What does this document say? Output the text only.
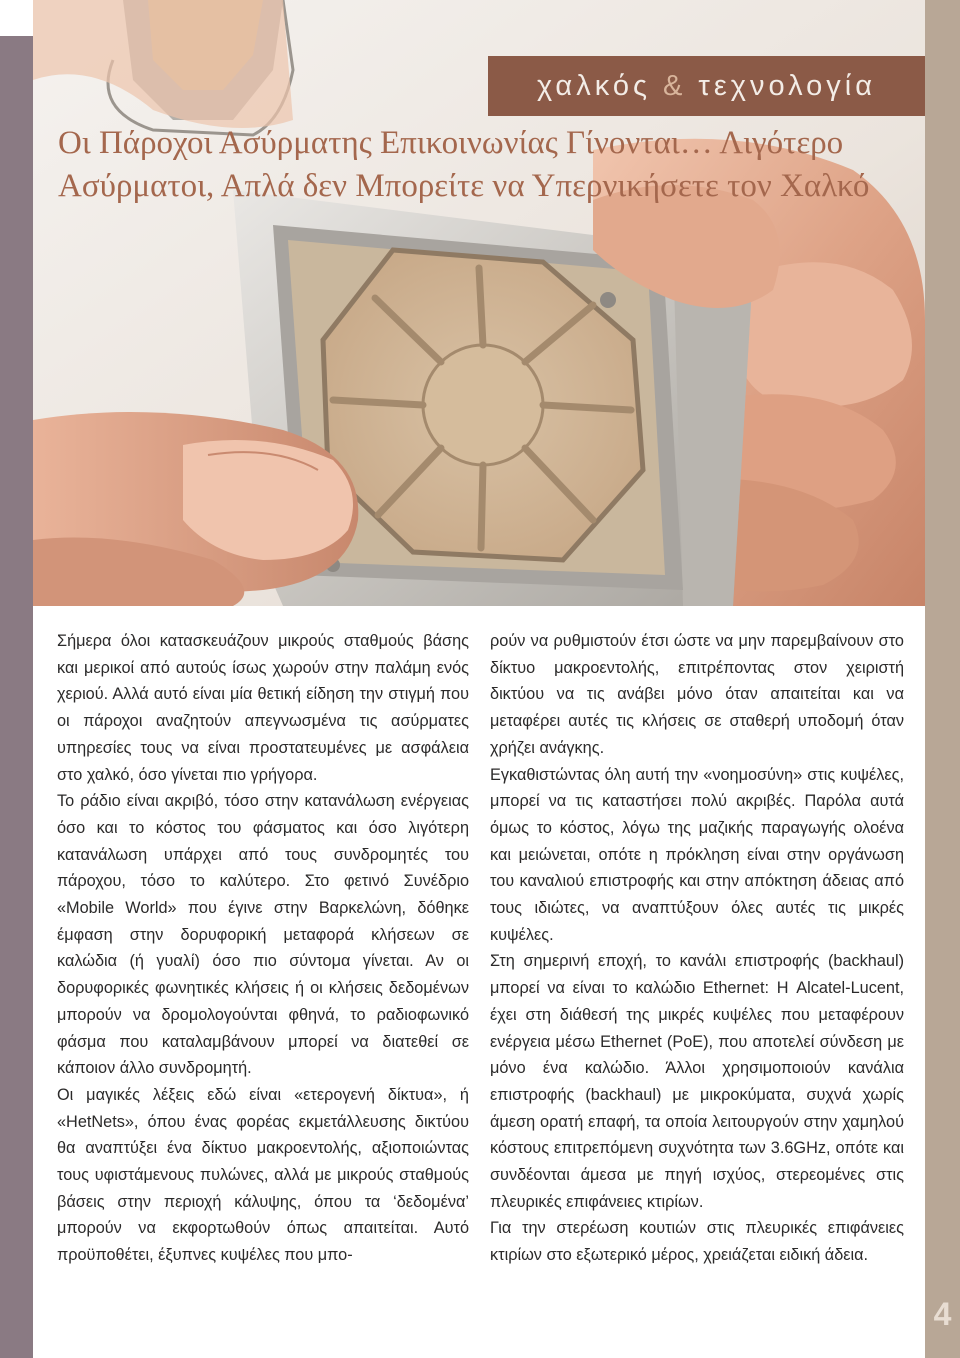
χαλκός & τεχνολογία
Οι Πάροχοι Ασύρματης Επικοινωνίας Γίνονται… Λιγότερο Ασύρματοι, Απλά δεν Μπορείτε να Υπερνικήσετε τον Χαλκό

Σήμερα όλοι κατασκευάζουν μικρούς σταθμούς βάσης και μερικοί από αυτούς ίσως χωρούν στην παλάμη ενός χεριού. Αλλά αυτό είναι μία θετική είδηση την στιγμή που οι πάροχοι αναζητούν απεγνωσμένα τις ασύρματες υπηρεσίες τους να είναι προστατευμένες με ασφάλεια στο χαλκό, όσο γίνεται πιο γρήγορα.

Το ράδιο είναι ακριβό, τόσο στην κατανάλωση ενέργειας όσο και το κόστος του φάσματος και όσο λιγότερη κατανάλωση υπάρχει από τους συνδρομητές του πάροχου, τόσο το καλύτερο. Στο φετινό Συνέδριο «Mobile World» που έγινε στην Βαρκελώνη, δόθηκε έμφαση στην δορυφορική μεταφορά κλήσεων σε καλώδια (ή γυαλί) όσο πιο σύντομα γίνεται. Αν οι δορυφορικές φωνητικές κλήσεις ή οι κλήσεις δεδομένων μπορούν να δρομολογούνται φθηνά, το ραδιοφωνικό φάσμα που καταλαμβάνουν μπορεί να διατεθεί σε κάποιον άλλο συνδρομητή.

Οι μαγικές λέξεις εδώ είναι «ετερογενή δίκτυα», ή «HetNets», όπου ένας φορέας εκμετάλλευσης δικτύου θα αναπτύξει ένα δίκτυο μακροεντολής, αξιοποιώντας τους υφιστάμενους πυλώνες, αλλά με μικρούς σταθμούς βάσεις στην περιοχή κάλυψης, όπου τα ‘δεδομένα’ μπορούν να εκφορτωθούν όπως απαιτείται. Αυτό προϋποθέτει, έξυπνες κυψέλες που μπο-

ρούν να ρυθμιστούν έτσι ώστε να μην παρεμβαίνουν στο δίκτυο μακροεντολής, επιτρέποντας στον χειριστή δικτύου να τις ανάβει μόνο όταν απαιτείται και να μεταφέρει αυτές τις κλήσεις σε σταθερή υποδομή όταν χρήζει ανάγκης.

Εγκαθιστώντας όλη αυτή την «νοημοσύνη» στις κυψέλες, μπορεί να τις καταστήσει πολύ ακριβές. Παρόλα αυτά όμως το κόστος, λόγω της μαζικής παραγωγής ολοένα και μειώνεται, οπότε η πρόκληση είναι στην οργάνωση του καναλιού επιστροφής και στην απόκτηση άδειας από τους ιδιώτες, να αναπτύξουν όλες αυτές τις μικρές κυψέλες.

Στη σημερινή εποχή, το κανάλι επιστροφής (backhaul) μπορεί να είναι το καλώδιο Ethernet: Η Alcatel-Lucent, έχει στη διάθεσή της μικρές κυψέλες που μεταφέρουν ενέργεια μέσω Ethernet (PoE), που αποτελεί σύνδεση με μόνο ένα καλώδιο. Άλλοι χρησιμοποιούν κανάλια επιστροφής (backhaul) με μικροκύματα, συχνά χωρίς άμεση ορατή επαφή, τα οποία λειτουργούν στην χαμηλού κόστους επιτρεπόμενη συχνότητα των 3.6GHz, οπότε και συνδέονται άμεσα με πηγή ισχύος, στερεομένες στις πλευρικές επιφάνειες κτιρίων.

Για την στερέωση κουτιών στις πλευρικές επιφάνειες κτιρίων στο εξωτερικό μέρος, χρειάζεται ειδική άδεια.

4
